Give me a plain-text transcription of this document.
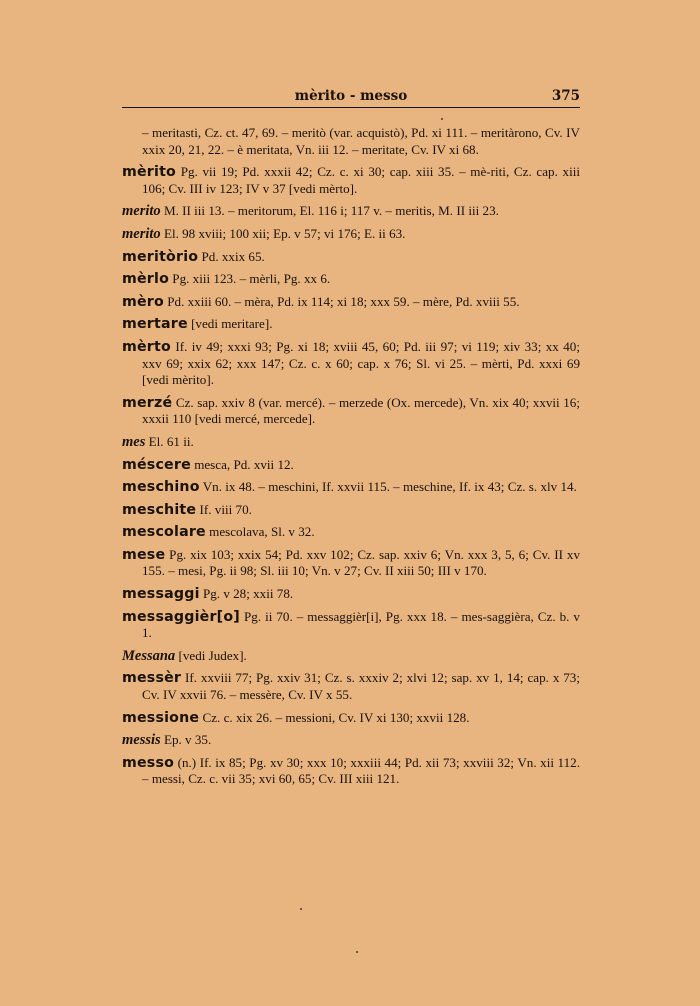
mèrito - messo	375

– meritasti, Cz. ct. 47, 69. – meritò (var. acquistò), Pd. xi 111. – meritàrono, Cv. IV xxix 20, 21, 22. – è meritata, Vn. iii 12. – meritate, Cv. IV xi 68.

mèrito Pg. vii 19; Pd. xxxii 42; Cz. c. xi 30; cap. xiii 35. – mè-riti, Cz. cap. xiii 106; Cv. III iv 123; IV v 37 [vedi mèrto].

merito M. II iii 13. – meritorum, El. 116 i; 117 v. – meritis, M. II iii 23.

merito El. 98 xviii; 100 xii; Ep. v 57; vi 176; E. ii 63.

meritòrio Pd. xxix 65.

mèrlo Pg. xiii 123. – mèrli, Pg. xx 6.

mèro Pd. xxiii 60. – mèra, Pd. ix 114; xi 18; xxx 59. – mère, Pd. xviii 55.

mertare [vedi meritare].

mèrto If. iv 49; xxxi 93; Pg. xi 18; xviii 45, 60; Pd. iii 97; vi 119; xiv 33; xx 40; xxv 69; xxix 62; xxx 147; Cz. c. x 60; cap. x 76; Sl. vi 25. – mèrti, Pd. xxxi 69 [vedi mèrito].

merzé Cz. sap. xxiv 8 (var. mercé). – merzede (Ox. mercede), Vn. xix 40; xxvii 16; xxxii 110 [vedi mercé, mercede].

mes El. 61 ii.

méscere mesca, Pd. xvii 12.

meschino Vn. ix 48. – meschini, If. xxvii 115. – meschine, If. ix 43; Cz. s. xlv 14.

meschite If. viii 70.

mescolare mescolava, Sl. v 32.

mese Pg. xix 103; xxix 54; Pd. xxv 102; Cz. sap. xxiv 6; Vn. xxx 3, 5, 6; Cv. II xv 155. – mesi, Pg. ii 98; Sl. iii 10; Vn. v 27; Cv. II xiii 50; III v 170.

messaggi Pg. v 28; xxii 78.

messaggièr[o] Pg. ii 70. – messaggièr[i], Pg. xxx 18. – mes-saggièra, Cz. b. v 1.

Messana [vedi Judex].

messèr If. xxviii 77; Pg. xxiv 31; Cz. s. xxxiv 2; xlvi 12; sap. xv 1, 14; cap. x 73; Cv. IV xxvii 76. – messère, Cv. IV x 55.

messione Cz. c. xix 26. – messioni, Cv. IV xi 130; xxvii 128.

messis Ep. v 35.

messo (n.) If. ix 85; Pg. xv 30; xxx 10; xxxiii 44; Pd. xii 73; xxviii 32; Vn. xii 112. – messi, Cz. c. vii 35; xvi 60, 65; Cv. III xiii 121.
